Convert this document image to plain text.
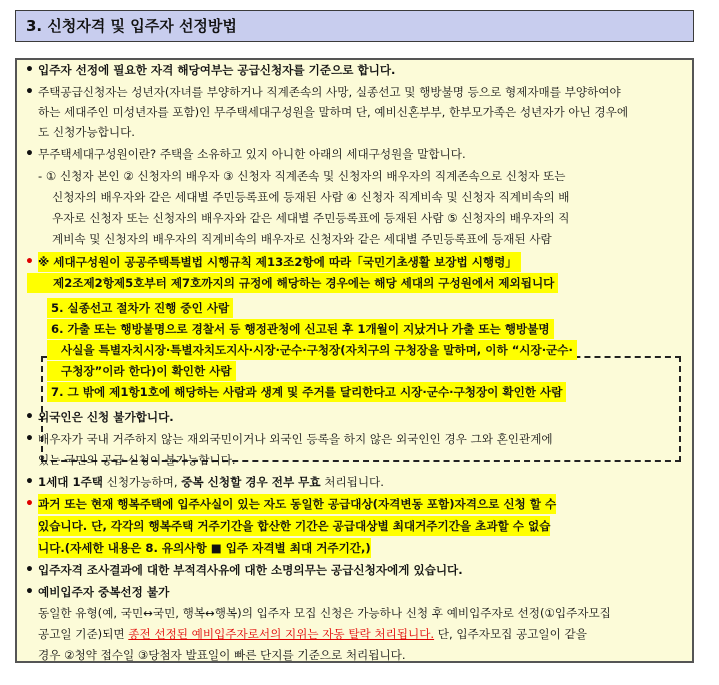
3. 신청자격 및 입주자 선정방법
• 입주자 선정에 필요한 자격 해당여부는 공급신청자를 기준으로 합니다.
• 주택공급신청자는 성년자(자녀를 부양하거나 직계존속의 사망, 실종선고 및 행방불명 등으로 형제자매를 부양하여야
하는 세대주인 미성년자를 포함)인 무주택세대구성원을 말하며 단, 예비신혼부부, 한부모가족은 성년자가 아닌 경우에
도 신청가능합니다.
• 무주택세대구성원이란? 주택을 소유하고 있지 아니한 아래의 세대구성원을 말합니다.
- ① 신청자 본인 ② 신청자의 배우자 ③ 신청자 직계존속 및 신청자의 배우자의 직계존속으로 신청자 또는
신청자의 배우자와 같은 세대별 주민등록표에 등재된 사람 ④ 신청자 직계비속 및 신청자 직계비속의 배
우자로 신청자 또는 신청자의 배우자와 같은 세대별 주민등록표에 등재된 사람 ⑤ 신청자의 배우자의 직
계비속 및 신청자의 배우자의 직계비속의 배우자로 신청자와 같은 세대별 주민등록표에 등재된 사람
• ※ 세대구성원이 공공주택특별법 시행규칙 제13조2항에 따라「국민기초생활 보장법 시행령」
제2조제2항제5호부터 제7호까지의 규정에 해당하는 경우에는 해당 세대의 구성원에서 제외됩니다
5. 실종선고 절차가 진행 중인 사람
6. 가출 또는 행방불명으로 경찰서 등 행정관청에 신고된 후 1개월이 지났거나 가출 또는 행방불명
사실을 특별자치시장·특별자치도지사·시장·군수·구청장(자치구의 구청장을 말하며, 이하 “시장·군수·
구청장”이라 한다)이 확인한 사람
7. 그 밖에 제1항1호에 해당하는 사람과 생계 및 주거를 달리한다고 시장·군수·구청장이 확인한 사람
• 외국인은 신청 불가합니다.
• 배우자가 국내 거주하지 않는 재외국민이거나 외국인 등록을 하지 않은 외국인인 경우 그와 혼인관계에
있는 국민의 공급 신청이 불가능합니다.
• 1세대 1주택 신청가능하며, 중복 신청할 경우 전부 무효 처리됩니다.
• 과거 또는 현재 행복주택에 입주사실이 있는 자도 동일한 공급대상(자격변동 포함)자격으로 신청 할 수
있습니다. 단, 각각의 행복주택 거주기간을 합산한 기간은 공급대상별 최대거주기간을 초과할 수 없습
니다.(자세한 내용은 8. 유의사항 ■ 입주 자격별 최대 거주기간,)
• 입주자격 조사결과에 대한 부적격사유에 대한 소명의무는 공급신청자에게 있습니다.
• 예비입주자 중복선정 불가
동일한 유형(예, 국민↔국민, 행복↔행복)의 입주자 모집 신청은 가능하나 신청 후 예비입주자로 선정(①입주자모집
공고일 기준)되면 종전 선정된 예비입주자로서의 지위는 자동 탈락 처리됩니다. 단, 입주자모집 공고일이 같을
경우 ②청약 접수일 ③당첨자 발표일이 빠른 단지를 기준으로 처리됩니다.
